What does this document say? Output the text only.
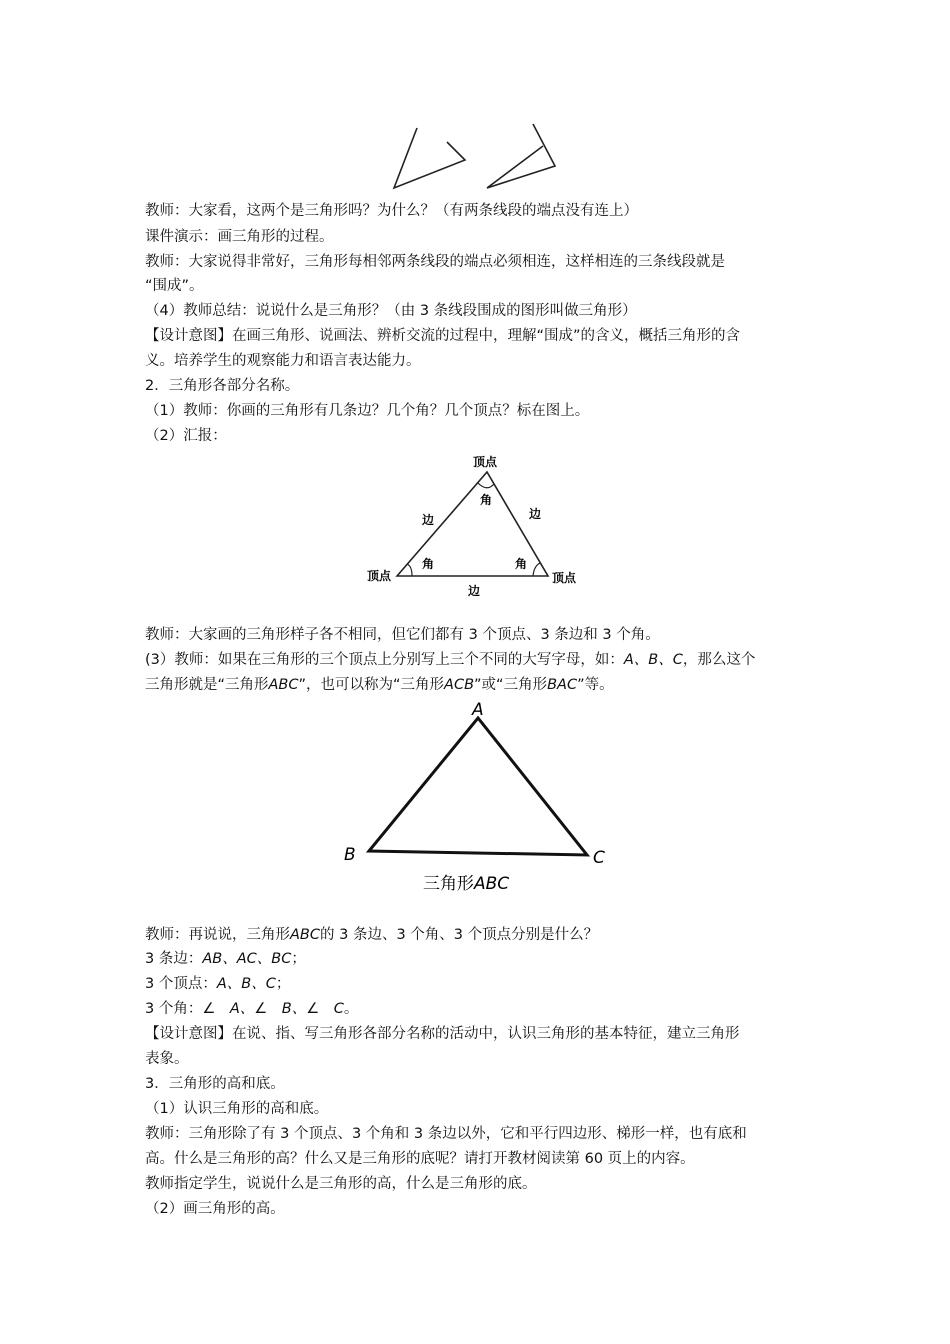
教师：大家看，这两个是三角形吗？为什么？（有两条线段的端点没有连上）
课件演示：画三角形的过程。
教师：大家说得非常好，三角形每相邻两条线段的端点必须相连，这样相连的三条线段就是
“围成”。
（4）教师总结：说说什么是三角形？（由 3 条线段围成的图形叫做三角形）
【设计意图】在画三角形、说画法、辨析交流的过程中，理解“围成”的含义，概括三角形的含
义。培养学生的观察能力和语言表达能力。
2．三角形各部分名称。
（1）教师：你画的三角形有几条边？几个角？几个顶点？标在图上。
（2）汇报：
顶点
角
边	边
角	角
顶点	顶点
边
教师：大家画的三角形样子各不相同，但它们都有 3 个顶点、3 条边和 3 个角。
(3）教师：如果在三角形的三个顶点上分别写上三个不同的大写字母，如：A、B、C，那么这个
三角形就是“三角形ABC”，也可以称为“三角形ACB”或“三角形BAC”等。
A
B	C
三角形ABC
教师：再说说，三角形ABC的 3 条边、3 个角、3 个顶点分别是什么？
3 条边：AB、AC、BC；
3 个顶点：A、B、C；
3 个角：∠  A、∠  B、∠  C。
【设计意图】在说、指、写三角形各部分名称的活动中，认识三角形的基本特征，建立三角形
表象。
3．三角形的高和底。
（1）认识三角形的高和底。
教师：三角形除了有 3 个顶点、3 个角和 3 条边以外，它和平行四边形、梯形一样，也有底和
高。什么是三角形的高？什么又是三角形的底呢？请打开教材阅读第 60 页上的内容。
教师指定学生，说说什么是三角形的高，什么是三角形的底。
（2）画三角形的高。
